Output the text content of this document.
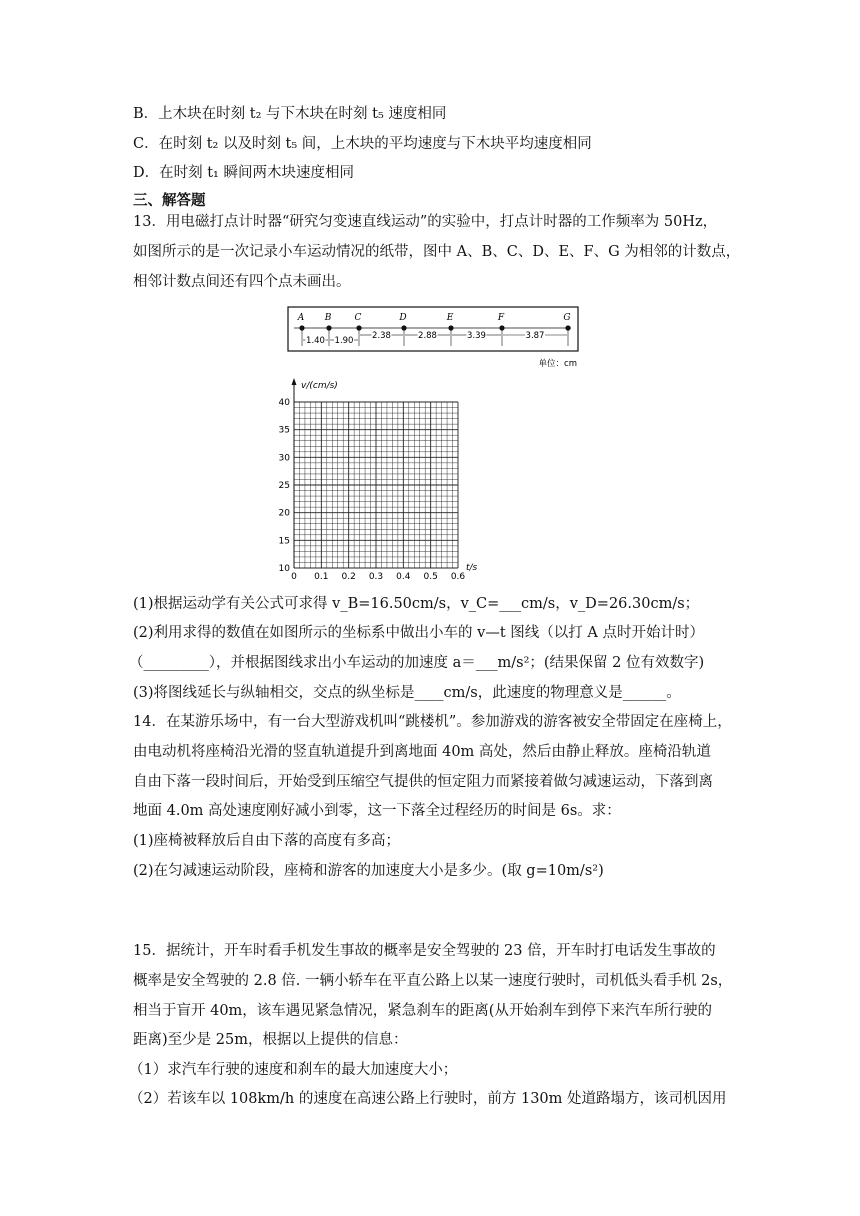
B．上木块在时刻 t₂ 与下木块在时刻 t₅ 速度相同
C．在时刻 t₂ 以及时刻 t₅ 间，上木块的平均速度与下木块平均速度相同
D．在时刻 t₁ 瞬间两木块速度相同
三、解答题
13．用电磁打点计时器“研究匀变速直线运动”的实验中，打点计时器的工作频率为 50Hz，
如图所示的是一次记录小车运动情况的纸带，图中 A、B、C、D、E、F、G 为相邻的计数点，
相邻计数点间还有四个点未画出。
A B	C	D	E	F	G
1.40 1.90 2.38	2.88	3.39	3.87
单位：cm
10
15
20
25
30
35
40
0 0.1 0.2 0.3 0.4 0.5 0.6
v/(cm/s)
t/s
(1)根据运动学有关公式可求得 v_B=16.50cm/s，v_C=___cm/s，v_D=26.30cm/s；
(2)利用求得的数值在如图所示的坐标系中做出小车的 v—t 图线（以打 A 点时开始计时）
（_________），并根据图线求出小车运动的加速度 a＝___m/s²；(结果保留 2 位有效数字)
(3)将图线延长与纵轴相交，交点的纵坐标是____cm/s，此速度的物理意义是______。
14．在某游乐场中，有一台大型游戏机叫“跳楼机”。参加游戏的游客被安全带固定在座椅上，
由电动机将座椅沿光滑的竖直轨道提升到离地面 40m 高处，然后由静止释放。座椅沿轨道
自由下落一段时间后，开始受到压缩空气提供的恒定阻力而紧接着做匀减速运动，下落到离
地面 4.0m 高处速度刚好减小到零，这一下落全过程经历的时间是 6s。求：
(1)座椅被释放后自由下落的高度有多高；
(2)在匀减速运动阶段，座椅和游客的加速度大小是多少。(取 g=10m/s²)
15．据统计，开车时看手机发生事故的概率是安全驾驶的 23 倍，开车时打电话发生事故的
概率是安全驾驶的 2.8 倍. 一辆小轿车在平直公路上以某一速度行驶时，司机低头看手机 2s，
相当于盲开 40m，该车遇见紧急情况，紧急刹车的距离(从开始刹车到停下来汽车所行驶的
距离)至少是 25m，根据以上提供的信息：
（1）求汽车行驶的速度和刹车的最大加速度大小；
（2）若该车以 108km/h 的速度在高速公路上行驶时，前方 130m 处道路塌方，该司机因用
